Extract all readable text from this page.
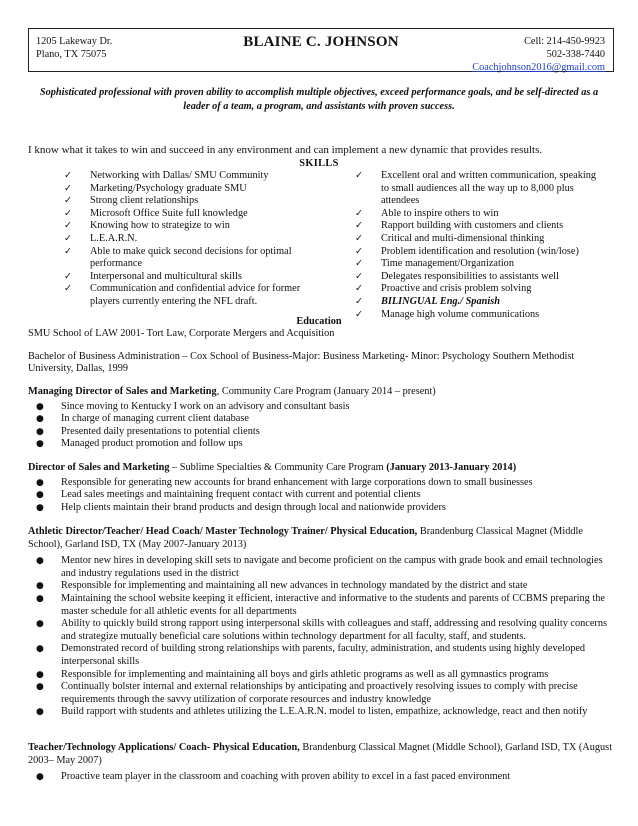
1205 Lakeway Dr.
Plano, TX 75075
BLAINE C. JOHNSON	Cell: 214-450-9923
502-338-7440
Coachjohnson2016@gmail.com
Sophisticated professional with proven ability to accomplish multiple objectives, exceed performance goals, and be self-directed as a leader of a team, a program, and assistants with proven success.
I know what it takes to win and succeed in any environment and can implement a new dynamic that provides results.
SKILLS
✓ Networking with Dallas/ SMU Community
✓ Marketing/Psychology graduate SMU
✓ Strong client relationships
✓ Microsoft Office Suite full knowledge
✓ Knowing how to strategize to win
✓ L.E.A.R.N.
✓ Able to make quick second decisions for optimal performance
✓ Interpersonal and multicultural skills
✓ Communication and confidential advice for former players currently entering the NFL draft.
✓ Excellent oral and written communication, speaking to small audiences all the way up to 8,000 plus attendees
✓ Able to inspire others to win
✓ Rapport building with customers and clients
✓ Critical and multi-dimensional thinking
✓ Problem identification and resolution (win/lose)
✓ Time management/Organization
✓ Delegates responsibilities to assistants well
✓ Proactive and crisis problem solving
✓ BILINGUAL Eng./ Spanish
✓ Manage high volume communications
Education
SMU School of LAW 2001- Tort Law, Corporate Mergers and Acquisition
Bachelor of Business Administration – Cox School of Business-Major: Business Marketing- Minor: Psychology Southern Methodist University, Dallas, 1999
Managing Director of Sales and Marketing, Community Care Program (January 2014 – present)
● Since moving to Kentucky I work on an advisory and consultant basis
● In charge of managing current client database
● Presented daily presentations to potential clients
● Managed product promotion and follow ups
Director of Sales and Marketing – Sublime Specialties & Community Care Program (January 2013-January 2014)
● Responsible for generating new accounts for brand enhancement with large corporations down to small businesses
● Lead sales meetings and maintaining frequent contact with current and potential clients
● Help clients maintain their brand products and design through local and nationwide providers
Athletic Director/Teacher/ Head Coach/ Master Technology Trainer/ Physical Education, Brandenburg Classical Magnet (Middle School), Garland ISD, TX (May 2007-January 2013)
● Mentor new hires in developing skill sets to navigate and become proficient on the campus with grade book and email technologies and industry regulations used in the district
● Responsible for implementing and maintaining all new advances in technology mandated by the district and state
● Maintaining the school website keeping it efficient, interactive and informative to the students and parents of CCBMS preparing the master schedule for all athletic events for all departments
● Ability to quickly build strong rapport using interpersonal skills with colleagues and staff, addressing and resolving quality concerns and strategize mutually beneficial care solutions within technology department for all faculty, staff, and students.
● Demonstrated record of building strong relationships with parents, faculty, administration, and students using highly developed interpersonal skills
● Responsible for implementing and maintaining all boys and girls athletic programs as well as all gymnastics programs
● Continually bolster internal and external relationships by anticipating and proactively resolving issues to comply with precise requirements through the savvy utilization of corporate resources and industry knowledge
● Build rapport with students and athletes utilizing the L.E.A.R.N. model to listen, empathize, acknowledge, react and then notify
Teacher/Technology Applications/ Coach- Physical Education, Brandenburg Classical Magnet (Middle School), Garland ISD, TX (August 2003– May 2007)
● Proactive team player in the classroom and coaching with proven ability to excel in a fast paced environment
